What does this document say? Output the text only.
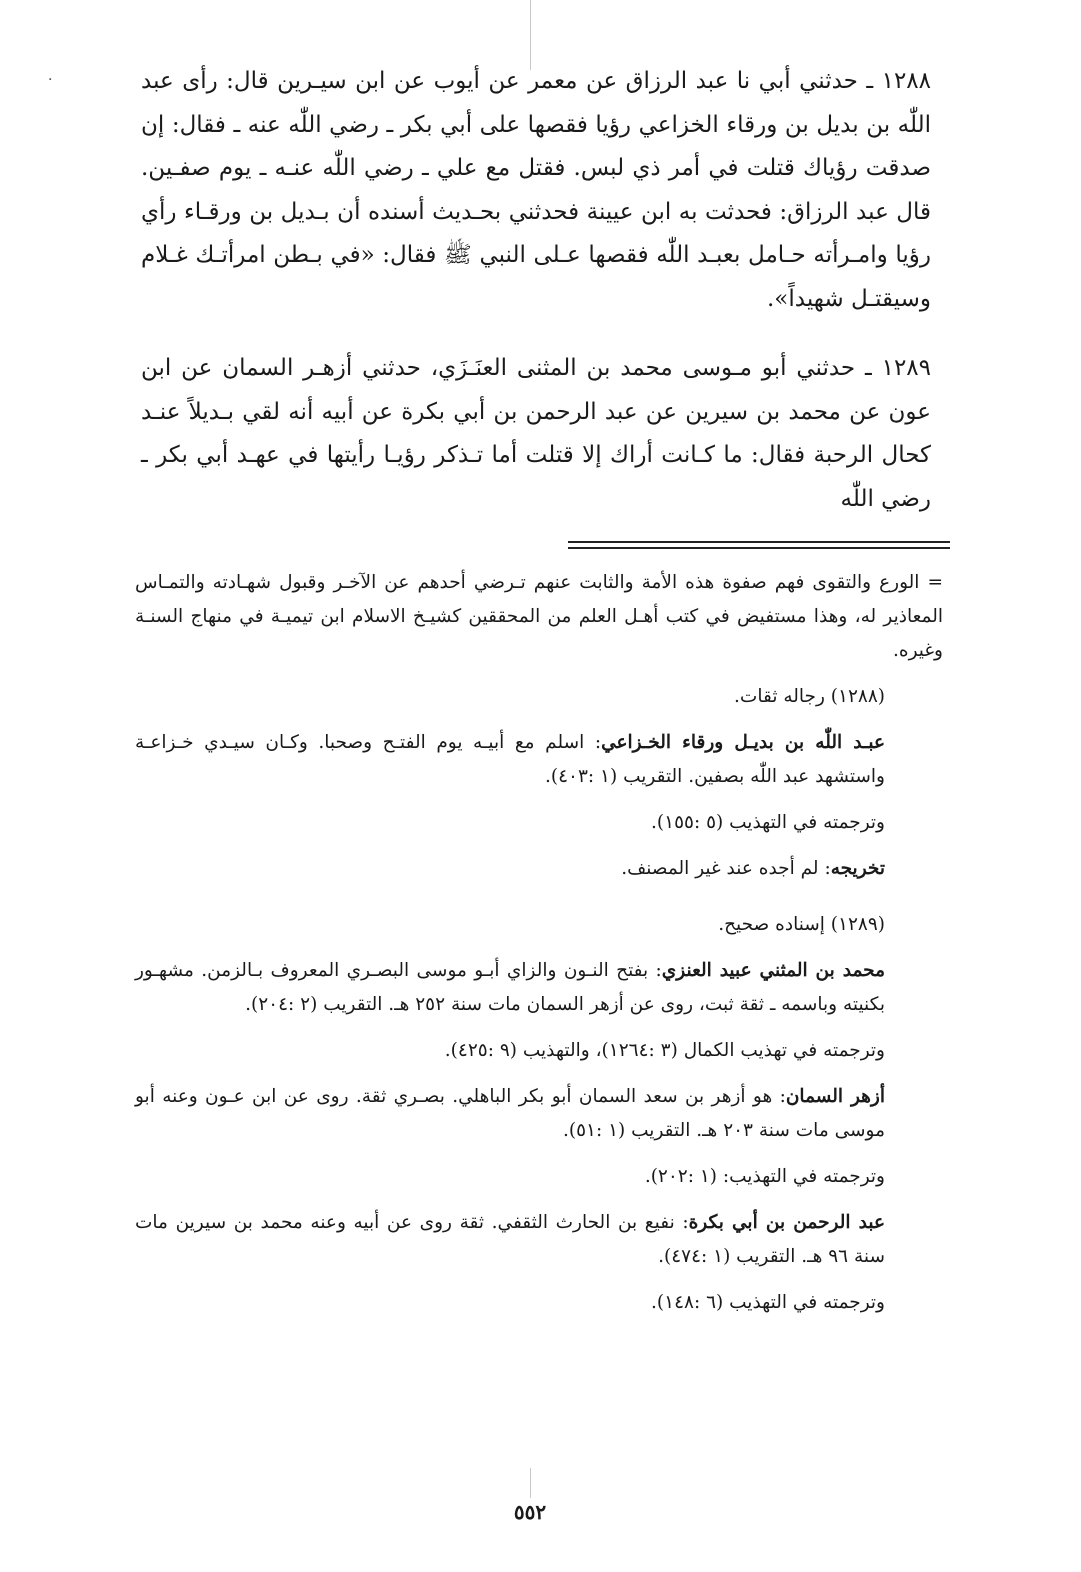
·	١٢٨٨ ـ حدثني أبي نا عبد الرزاق عن معمر عن أيوب عن ابن سيـرين قال: رأى عبد اللّٰه بن بديل بن ورقاء الخزاعي رؤيا فقصها على أبي بكر ـ رضي اللّٰه عنه ـ فقال: إن صدقت رؤياك قتلت في أمر ذي لبس. فقتل مع علي ـ رضي اللّٰه عنـه ـ يوم صفـين. قال عبد الرزاق: فحدثت به ابن عيينة فحدثني بحـديث أسنده أن بـديل بن ورقـاء رأي رؤيا وامـرأته حـامل بعبـد اللّٰه فقصها عـلى النبي ﷺ فقال: «في بـطن امرأتـك غـلام وسيقتـل شهيداً».

١٢٨٩ ـ حدثني أبو مـوسى محمد بن المثنى العنَـزَي، حدثني أزهـر السمان عن ابن عون عن محمد بن سيرين عن عبد الرحمن بن أبي بكرة عن أبيه أنه لقي بـديلاً عنـد كحال الرحبة فقال: ما كـانت أراك إلا قتلت أما تـذكر رؤيـا رأيتها في عهـد أبي بكر ـ رضي اللّٰه

= الورع والتقوى فهم صفوة هذه الأمة والثابت عنهم تـرضي أحدهم عن الآخـر وقبول شهـادته والتمـاس المعاذير له، وهذا مستفيض في كتب أهـل العلم من المحققين كشيـخ الاسلام ابن تيميـة في منهاج السنـة وغيره.

(١٢٨٨) رجاله ثقات.

عبـد اللّٰه بن بديـل ورقاء الخـزاعي: اسلم مع أبيـه يوم الفتـح وصحبا. وكـان سيـدي خـزاعـة واستشهد عبد اللّٰه بصفين. التقريب (١ :٤٠٣).

وترجمته في التهذيب (٥ :١٥٥).

تخريجه: لم أجده عند غير المصنف.

(١٢٨٩) إسناده صحيح.

محمد بن المثني عبيد العنزي: بفتح النـون والزاي أبـو موسى البصـري المعروف بـالزمن. مشهـور بكنيته وباسمه ـ ثقة ثبت، روى عن أزهر السمان مات سنة ٢٥٢ هـ. التقريب (٢ :٢٠٤).

وترجمته في تهذيب الكمال (٣ :١٢٦٤)، والتهذيب (٩ :٤٢٥).

أزهر السمان: هو أزهر بن سعد السمان أبو بكر الباهلي. بصـري ثقة. روى عن ابن عـون وعنه أبو موسى مات سنة ٢٠٣ هـ. التقريب (١ :٥١).

وترجمته في التهذيب: (١ :٢٠٢).

عبد الرحمن بن أبي بكرة: نفيع بن الحارث الثقفي. ثقة روى عن أبيه وعنه محمد بن سيرين مات سنة ٩٦ هـ. التقريب (١ :٤٧٤).

وترجمته في التهذيب (٦ :١٤٨).

٥٥٢
